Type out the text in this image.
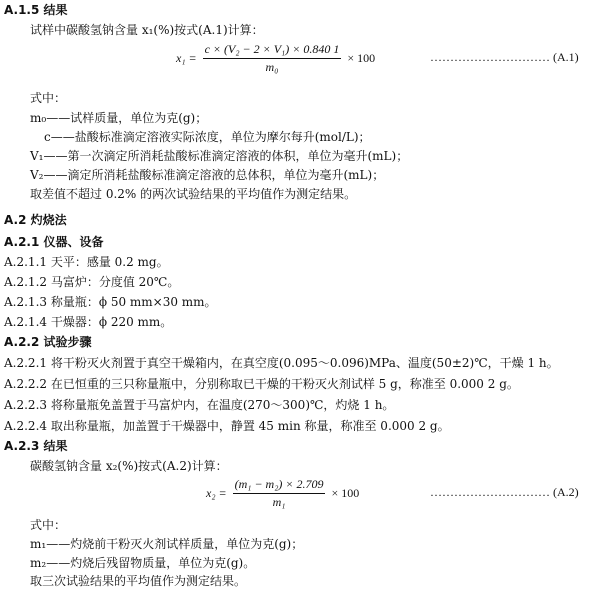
A.1.5 结果
试样中碳酸氢钠含量 x₁(%)按式(A.1)计算：
$x_1 = \frac{\text{c × (V₂ − 2 × V₁) × 0.840 1}}{\text{m₀}} \times 100$	………………………… (A.1)
式中：
m₀——试样质量，单位为克(g)；
c——盐酸标准滴定溶液实际浓度，单位为摩尔每升(mol/L)；
V₁——第一次滴定所消耗盐酸标准滴定溶液的体积，单位为毫升(mL)；
V₂——滴定所消耗盐酸标准滴定溶液的总体积，单位为毫升(mL)；
取差值不超过 0.2% 的两次试验结果的平均值作为测定结果。
A.2 灼烧法
A.2.1 仪器、设备
A.2.1.1 天平：感量 0.2 mg。
A.2.1.2 马富炉：分度值 20℃。
A.2.1.3 称量瓶：ϕ 50 mm×30 mm。
A.2.1.4 干燥器：ϕ 220 mm。
A.2.2 试验步骤
A.2.2.1 将干粉灭火剂置于真空干燥箱内，在真空度(0.095～0.096)MPa、温度(50±2)℃，干燥 1 h。
A.2.2.2 在已恒重的三只称量瓶中，分别称取已干燥的干粉灭火剂试样 5 g，称准至 0.000 2 g。
A.2.2.3 将称量瓶免盖置于马富炉内，在温度(270～300)℃，灼烧 1 h。
A.2.2.4 取出称量瓶，加盖置于干燥器中，静置 45 min 称量，称准至 0.000 2 g。
A.2.3 结果
碳酸氢钠含量 x₂(%)按式(A.2)计算：
$x_2 = \frac{\text{(m₁ − m₂) × 2.709}}{\text{m₁}} \times 100$	………………………… (A.2)
式中：
m₁——灼烧前干粉灭火剂试样质量，单位为克(g)；
m₂——灼烧后残留物质量，单位为克(g)。
取三次试验结果的平均值作为测定结果。
